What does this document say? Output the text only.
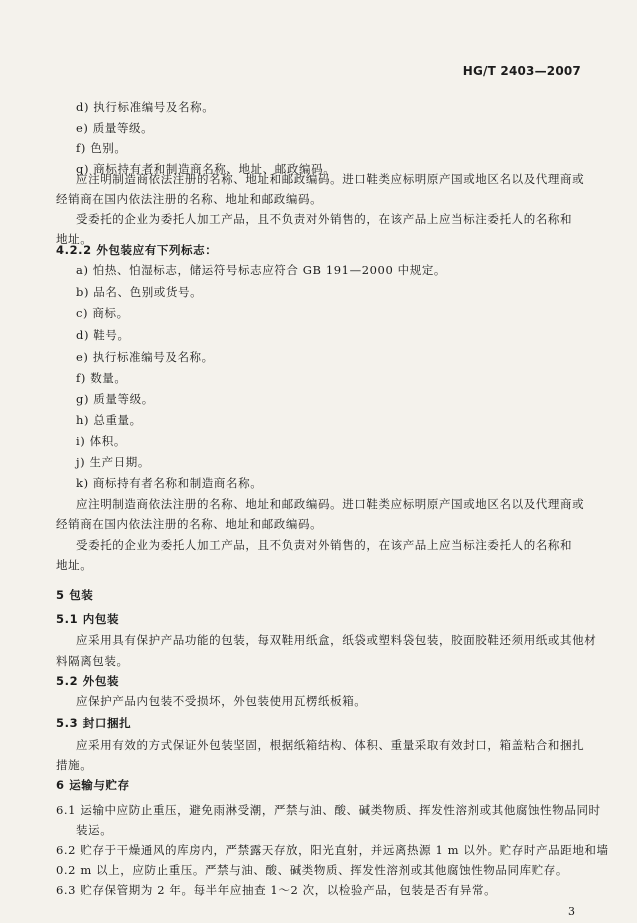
HG/T 2403—2007
d) 执行标准编号及名称。
e) 质量等级。
f) 色别。
g) 商标持有者和制造商名称、地址、邮政编码。
应注明制造商依法注册的名称、地址和邮政编码。进口鞋类应标明原产国或地区名以及代理商或
经销商在国内依法注册的名称、地址和邮政编码。
受委托的企业为委托人加工产品，且不负责对外销售的，在该产品上应当标注委托人的名称和
地址。
4.2.2 外包装应有下列标志：
a) 怕热、怕湿标志，储运符号标志应符合 GB 191—2000 中规定。
b) 品名、色别或货号。
c) 商标。
d) 鞋号。
e) 执行标准编号及名称。
f) 数量。
g) 质量等级。
h) 总重量。
i) 体积。
j) 生产日期。
k) 商标持有者名称和制造商名称。
应注明制造商依法注册的名称、地址和邮政编码。进口鞋类应标明原产国或地区名以及代理商或
经销商在国内依法注册的名称、地址和邮政编码。
受委托的企业为委托人加工产品，且不负责对外销售的，在该产品上应当标注委托人的名称和
地址。
5 包装
5.1 内包装
应采用具有保护产品功能的包装，每双鞋用纸盒，纸袋或塑料袋包装，胶面胶鞋还须用纸或其他材
料隔离包装。
5.2 外包装
应保护产品内包装不受损坏，外包装使用瓦楞纸板箱。
5.3 封口捆扎
应采用有效的方式保证外包装坚固，根据纸箱结构、体积、重量采取有效封口，箱盖粘合和捆扎
措施。
6 运输与贮存
6.1 运输中应防止重压，避免雨淋受潮，严禁与油、酸、碱类物质、挥发性溶剂或其他腐蚀性物品同时
装运。
6.2 贮存于干燥通风的库房内，严禁露天存放，阳光直射，并远离热源 1 m 以外。贮存时产品距地和墙
0.2 m 以上，应防止重压。严禁与油、酸、碱类物质、挥发性溶剂或其他腐蚀性物品同库贮存。
6.3 贮存保管期为 2 年。每半年应抽查 1～2 次，以检验产品，包装是否有异常。
3
